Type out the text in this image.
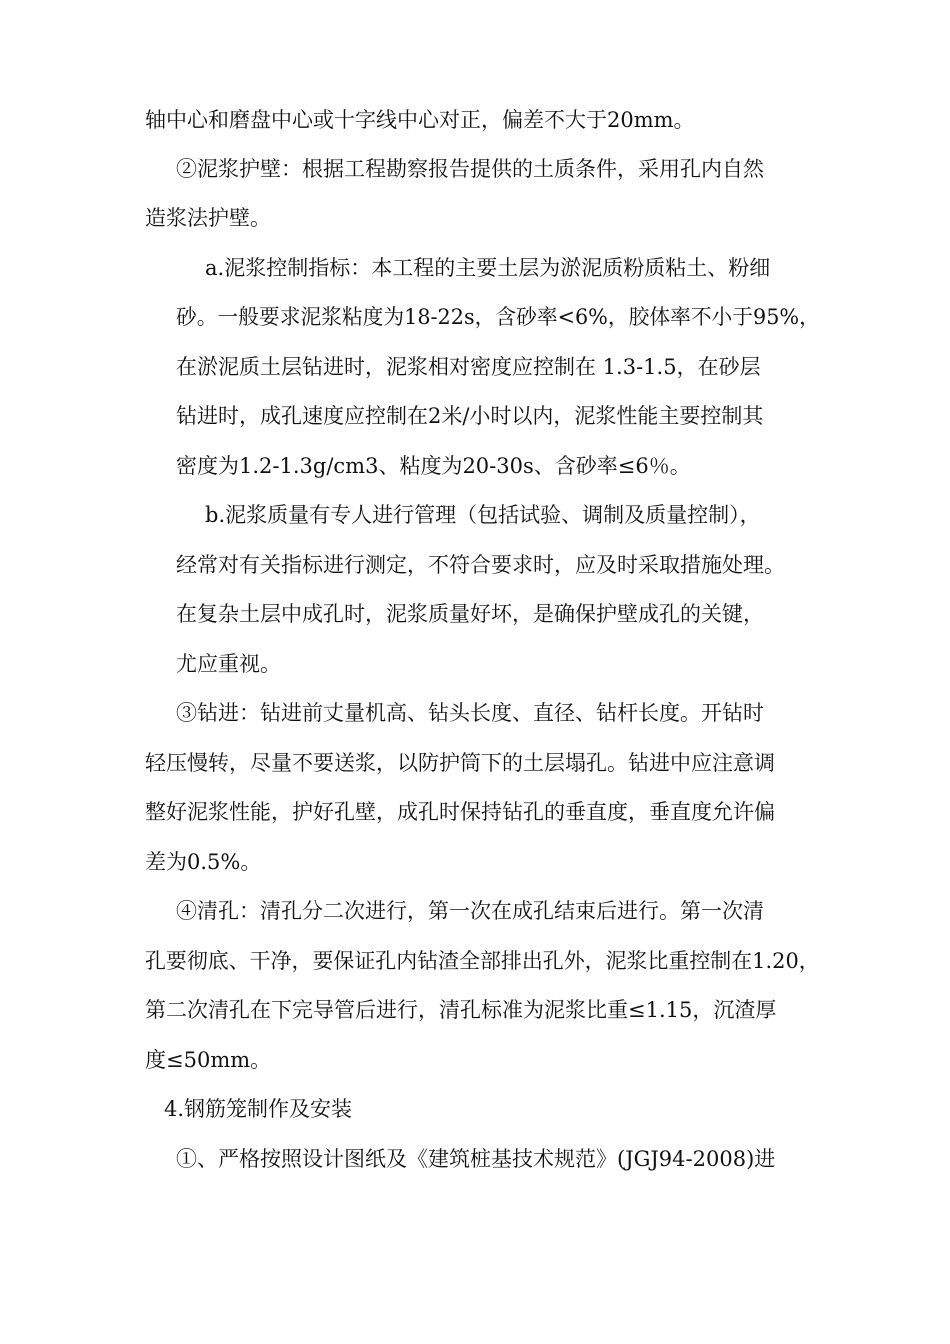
轴中心和磨盘中心或十字线中心对正，偏差不大于20mm。

②泥浆护壁：根据工程勘察报告提供的土质条件，采用孔内自然

造浆法护壁。

a.泥浆控制指标：本工程的主要土层为淤泥质粉质粘土、粉细

砂。一般要求泥浆粘度为18-22s，含砂率<6%，胶体率不小于95%，

在淤泥质土层钻进时，泥浆相对密度应控制在 1.3-1.5，在砂层

钻进时，成孔速度应控制在2米/小时以内，泥浆性能主要控制其

密度为1.2-1.3g/cm3、粘度为20-30s、含砂率≤6％。

b.泥浆质量有专人进行管理（包括试验、调制及质量控制），

经常对有关指标进行测定，不符合要求时，应及时采取措施处理。

在复杂土层中成孔时，泥浆质量好坏，是确保护壁成孔的关键，

尤应重视。

③钻进：钻进前丈量机高、钻头长度、直径、钻杆长度。开钻时

轻压慢转，尽量不要送浆，以防护筒下的土层塌孔。钻进中应注意调

整好泥浆性能，护好孔壁，成孔时保持钻孔的垂直度，垂直度允许偏

差为0.5%。

④清孔：清孔分二次进行，第一次在成孔结束后进行。第一次清

孔要彻底、干净，要保证孔内钻渣全部排出孔外，泥浆比重控制在1.20，

第二次清孔在下完导管后进行，清孔标准为泥浆比重≤1.15，沉渣厚

度≤50mm。

4.钢筋笼制作及安装

①、严格按照设计图纸及《建筑桩基技术规范》(JGJ94-2008)进
